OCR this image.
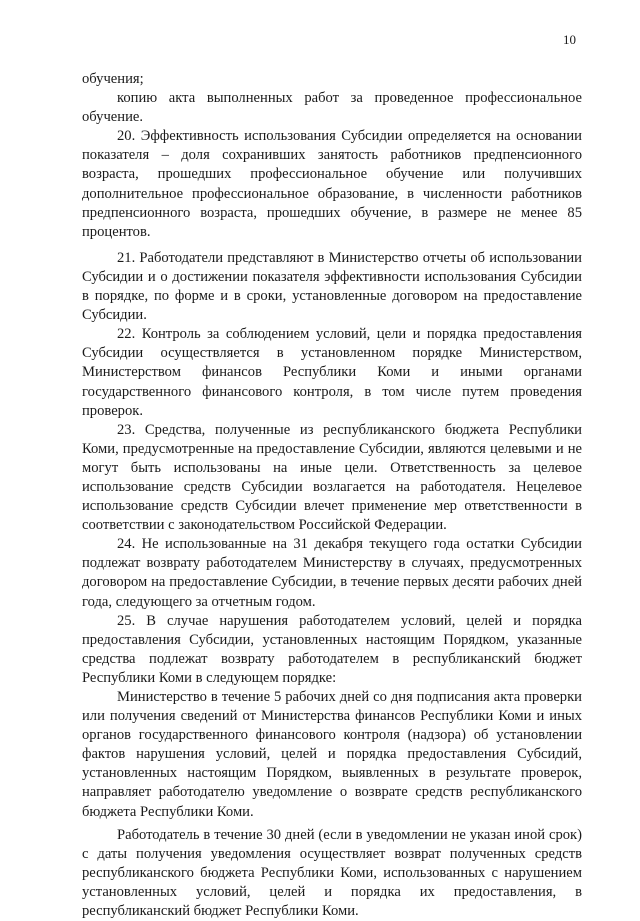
10

обучения;

копию акта выполненных работ за проведенное профессиональное обучение.

20. Эффективность использования Субсидии определяется на основании показателя – доля сохранивших занятость работников предпенсионного возраста, прошедших профессиональное обучение или получивших дополнительное профессиональное образование, в численности работников предпенсионного возраста, прошедших обучение, в размере не менее 85 процентов.

21. Работодатели представляют в Министерство отчеты об использовании Субсидии и о достижении показателя эффективности использования Субсидии в порядке, по форме и в сроки, установленные договором на предоставление Субсидии.

22. Контроль за соблюдением условий, цели и порядка предоставления Субсидии осуществляется в установленном порядке Министерством, Министерством финансов Республики Коми и иными органами государственного финансового контроля, в том числе путем проведения проверок.

23. Средства, полученные из республиканского бюджета Республики Коми, предусмотренные на предоставление Субсидии, являются целевыми и не могут быть использованы на иные цели. Ответственность за целевое использование средств Субсидии возлагается на работодателя. Нецелевое использование средств Субсидии влечет применение мер ответственности в соответствии с законодательством Российской Федерации.

24. Не использованные на 31 декабря текущего года остатки Субсидии подлежат возврату работодателем Министерству в случаях, предусмотренных договором на предоставление Субсидии, в течение первых десяти рабочих дней года, следующего за отчетным годом.

25. В случае нарушения работодателем условий, целей и порядка предоставления Субсидии, установленных настоящим Порядком, указанные средства подлежат возврату работодателем в республиканский бюджет Республики Коми в следующем порядке:

Министерство в течение 5 рабочих дней со дня подписания акта проверки или получения сведений от Министерства финансов Республики Коми и иных органов государственного финансового контроля (надзора) об установлении фактов нарушения условий, целей и порядка предоставления Субсидий, установленных настоящим Порядком, выявленных в результате проверок, направляет работодателю уведомление о возврате средств республиканского бюджета Республики Коми.

Работодатель в течение 30 дней (если в уведомлении не указан иной срок) с даты получения уведомления осуществляет возврат полученных средств республиканского бюджета Республики Коми, использованных с нарушением установленных условий, целей и порядка их предоставления, в республиканский бюджет Республики Коми.
